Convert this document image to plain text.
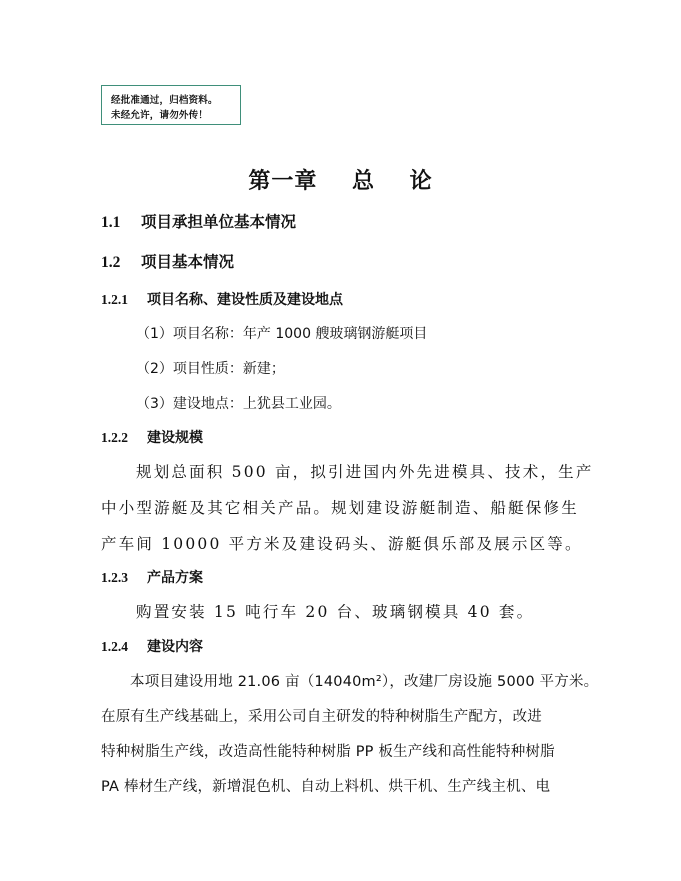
经批准通过，归档资料。
未经允许，请勿外传！
第一章    总    论
1.1 项目承担单位基本情况
1.2 项目基本情况
1.2.1 项目名称、建设性质及建设地点
（1）项目名称：年产 1000 艘玻璃钢游艇项目
（2）项目性质：新建；
（3）建设地点：上犹县工业园。
1.2.2 建设规模
规划总面积 500 亩，拟引进国内外先进模具、技术，生产
中小型游艇及其它相关产品。规划建设游艇制造、船艇保修生
产车间 10000 平方米及建设码头、游艇俱乐部及展示区等。
1.2.3 产品方案
购置安装 15 吨行车 20 台、玻璃钢模具 40 套。
1.2.4 建设内容
本项目建设用地 21.06 亩（14040m²），改建厂房设施 5000 平方米。
在原有生产线基础上，采用公司自主研发的特种树脂生产配方，改进
特种树脂生产线，改造高性能特种树脂 PP 板生产线和高性能特种树脂
PA 棒材生产线，新增混色机、自动上料机、烘干机、生产线主机、电
